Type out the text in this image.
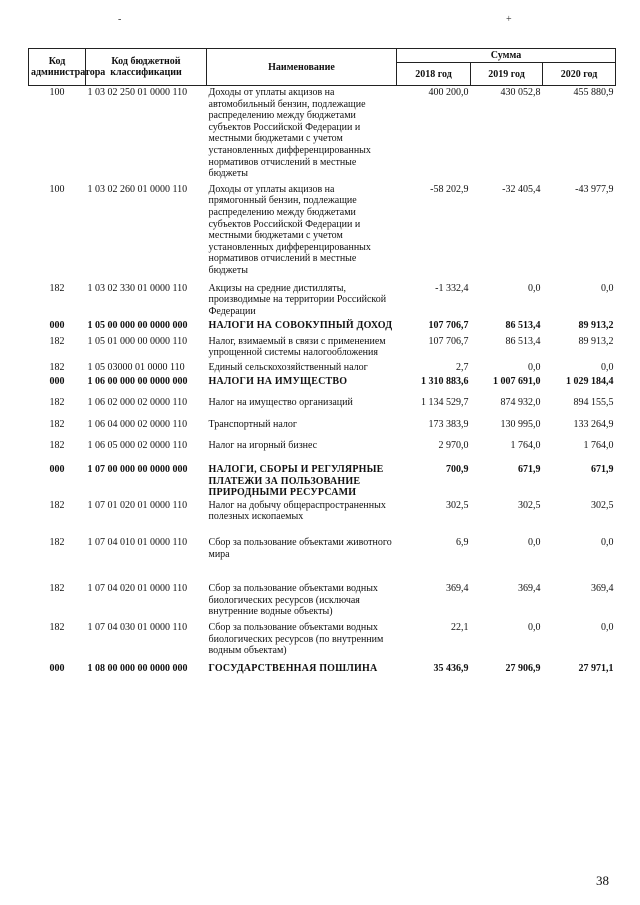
-	+
Код администратора	Код бюджетной классификации	Наименование	Сумма		
			2018 год	2019 год	2020 год
100	1 03 02 250 01 0000 110	Доходы от уплаты акцизов на автомобильный бензин, подлежащие распределению между бюджетами субъектов Российской Федерации и местными бюджетами с учетом установленных дифференцированных нормативов отчислений в местные бюджеты	400 200,0	430 052,8	455 880,9
100	1 03 02 260 01 0000 110	Доходы от уплаты акцизов на прямогонный бензин, подлежащие распределению между бюджетами субъектов Российской Федерации и местными бюджетами с учетом установленных дифференцированных нормативов отчислений в местные бюджеты	-58 202,9	-32 405,4	-43 977,9
182	1 03 02 330 01 0000 110	Акцизы на средние дистилляты, производимые на территории Российской Федерации	-1 332,4	0,0	0,0
000	1 05 00 000 00 0000 000	НАЛОГИ НА СОВОКУПНЫЙ ДОХОД	107 706,7	86 513,4	89 913,2
182	1 05 01 000 00 0000 110	Налог, взимаемый в связи с применением упрощенной системы налогообложения	107 706,7	86 513,4	89 913,2
182	1 05 03000 01 0000 110	Единый сельскохозяйственный налог	2,7	0,0	0,0
000	1 06 00 000 00 0000 000	НАЛОГИ НА ИМУЩЕСТВО	1 310 883,6	1 007 691,0	1 029 184,4
182	1 06 02 000 02 0000 110	Налог на имущество организаций	1 134 529,7	874 932,0	894 155,5
182	1 06 04 000 02 0000 110	Транспортный налог	173 383,9	130 995,0	133 264,9
182	1 06 05 000 02 0000 110	Налог на игорный бизнес	2 970,0	1 764,0	1 764,0
000	1 07 00 000 00 0000 000	НАЛОГИ, СБОРЫ И РЕГУЛЯРНЫЕ ПЛАТЕЖИ ЗА ПОЛЬЗОВАНИЕ ПРИРОДНЫМИ РЕСУРСАМИ	700,9	671,9	671,9
182	1 07 01 020 01 0000 110	Налог на добычу общераспространенных полезных ископаемых	302,5	302,5	302,5
182	1 07 04 010 01 0000 110	Сбор за пользование объектами животного мира	6,9	0,0	0,0
182	1 07 04 020 01 0000 110	Сбор за пользование объектами водных биологических ресурсов (исключая внутренние водные объекты)	369,4	369,4	369,4
182	1 07 04 030 01 0000 110	Сбор за пользование объектами водных биологических ресурсов (по внутренним водным объектам)	22,1	0,0	0,0
000	1 08 00 000 00 0000 000	ГОСУДАРСТВЕННАЯ ПОШЛИНА	35 436,9	27 906,9	27 971,1
38
